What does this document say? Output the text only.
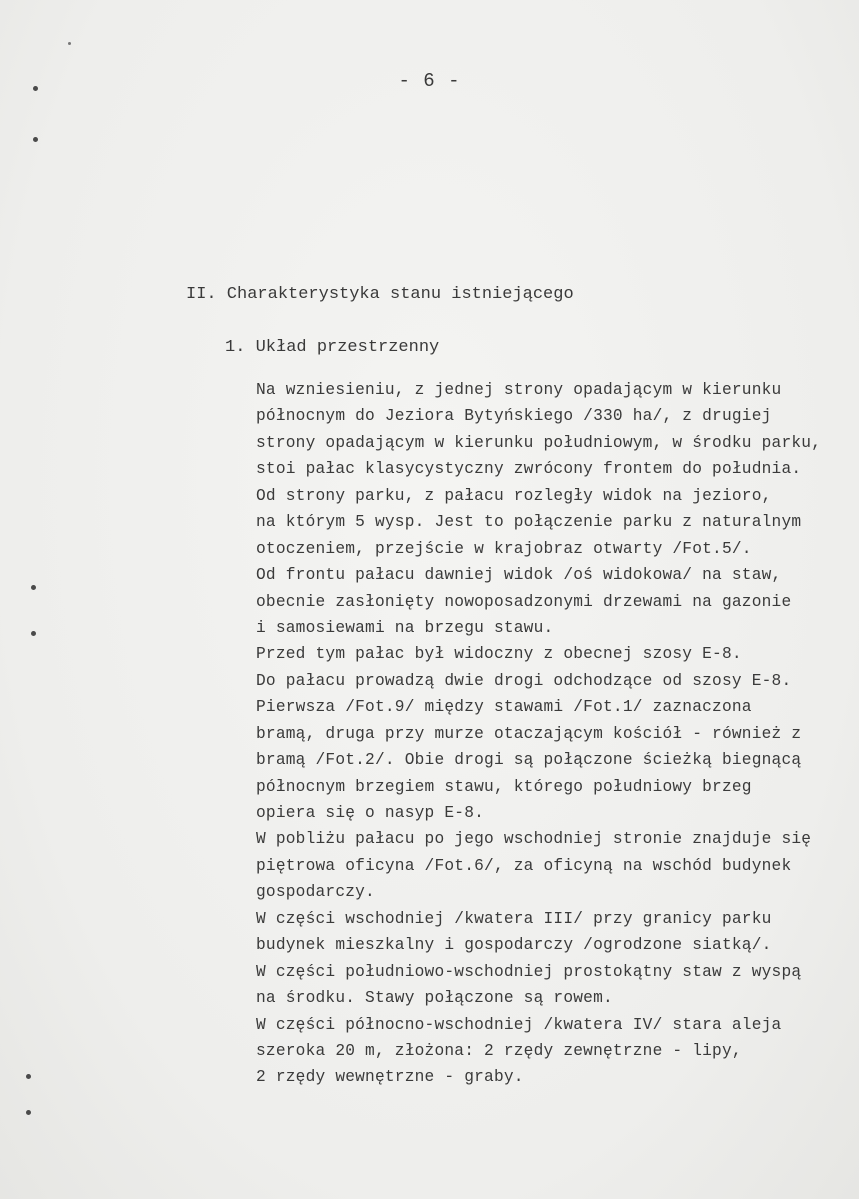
- 6 -
II. Charakterystyka stanu istniejącego
1. Układ przestrzenny
Na wzniesieniu, z jednej strony opadającym w kierunku
północnym do Jeziora Bytyńskiego /330 ha/, z drugiej
strony opadającym w kierunku południowym, w środku parku,
stoi pałac klasycystyczny zwrócony frontem do południa.
Od strony parku, z pałacu rozległy widok na jezioro,
na którym 5 wysp. Jest to połączenie parku z naturalnym
otoczeniem, przejście w krajobraz otwarty /Fot.5/.
Od frontu pałacu dawniej widok /oś widokowa/ na staw,
obecnie zasłonięty nowoposadzonymi drzewami na gazonie
i samosiewami na brzegu stawu.
Przed tym pałac był widoczny z obecnej szosy E-8.
Do pałacu prowadzą dwie drogi odchodzące od szosy E-8.
Pierwsza /Fot.9/ między stawami /Fot.1/ zaznaczona
bramą, druga przy murze otaczającym kościół - również z
bramą /Fot.2/. Obie drogi są połączone ścieżką biegnącą
północnym brzegiem stawu, którego południowy brzeg
opiera się o nasyp E-8.
W pobliżu pałacu po jego wschodniej stronie znajduje się
piętrowa oficyna /Fot.6/, za oficyną na wschód budynek
gospodarczy.
W części wschodniej /kwatera III/ przy granicy parku
budynek mieszkalny i gospodarczy /ogrodzone siatką/.
W części południowo-wschodniej prostokątny staw z wyspą
na środku. Stawy połączone są rowem.
W części północno-wschodniej /kwatera IV/ stara aleja
szeroka 20 m, złożona: 2 rzędy zewnętrzne - lipy,
2 rzędy wewnętrzne - graby.
